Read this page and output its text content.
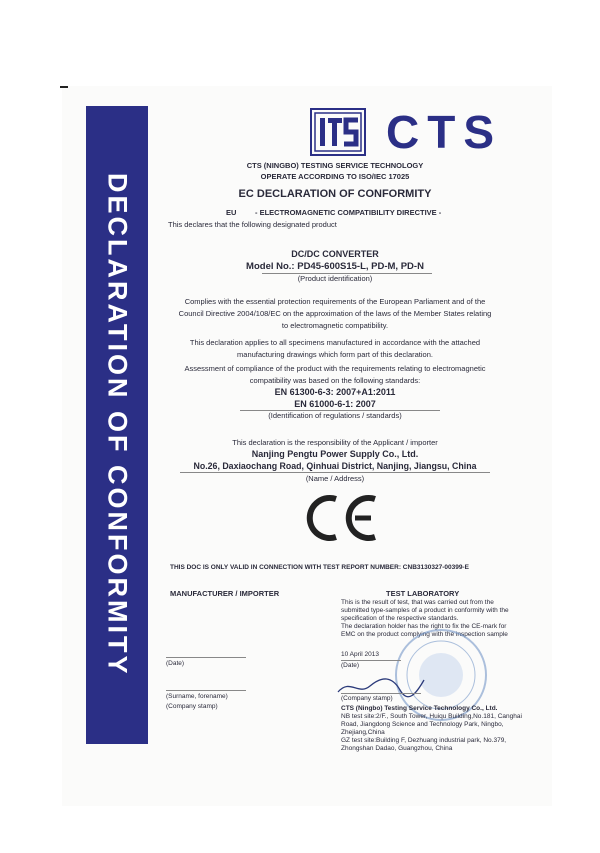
DECLARATION OF CONFORMITY
CTS
CTS (NINGBO) TESTING SERVICE TECHNOLOGY
OPERATE ACCORDING TO ISO/IEC 17025
EC DECLARATION OF CONFORMITY
EU - ELECTROMAGNETIC COMPATIBILITY DIRECTIVE -
This declares that the following designated product
DC/DC CONVERTER
Model No.: PD45-600S15-L, PD-M, PD-N
(Product identification)
Complies with the essential protection requirements of the European Parliament and of the
Council Directive 2004/108/EC on the approximation of the laws of the Member States relating
to electromagnetic compatibility.
This declaration applies to all specimens manufactured in accordance with the attached
manufacturing drawings which form part of this declaration.
Assessment of compliance of the product with the requirements relating to electromagnetic
compatibility was based on the following standards:
EN 61300-6-3: 2007+A1:2011
EN 61000-6-1: 2007
(Identification of regulations / standards)
This declaration is the responsibility of the Applicant / importer
Nanjing Pengtu Power Supply Co., Ltd.
No.26, Daxiaochang Road, Qinhuai District, Nanjing, Jiangsu, China
(Name / Address)
THIS DOC IS ONLY VALID IN CONNECTION WITH TEST REPORT NUMBER: CNB3130327-00399-E
MANUFACTURER / IMPORTER	TEST LABORATORY
This is the result of test, that was carried out from the
submitted type-samples of a product in conformity with the
specification of the respective standards.
The declaration holder has the right to fix the CE-mark for
EMC on the product complying with the inspection sample
(Date)
(Surname, forename)
(Company stamp)
10 April 2013
(Date)
(Company stamp)
CTS (Ningbo) Testing Service Technology Co., Ltd.
NB test site:2/F., South Tower, Huiqu Building,No.181, Canghai
Road, Jiangdong Science and Technology Park, Ningbo,
Zhejiang,China
GZ test site:Building F, Dezhuang industrial park, No.379,
Zhongshan Dadao, Guangzhou, China
